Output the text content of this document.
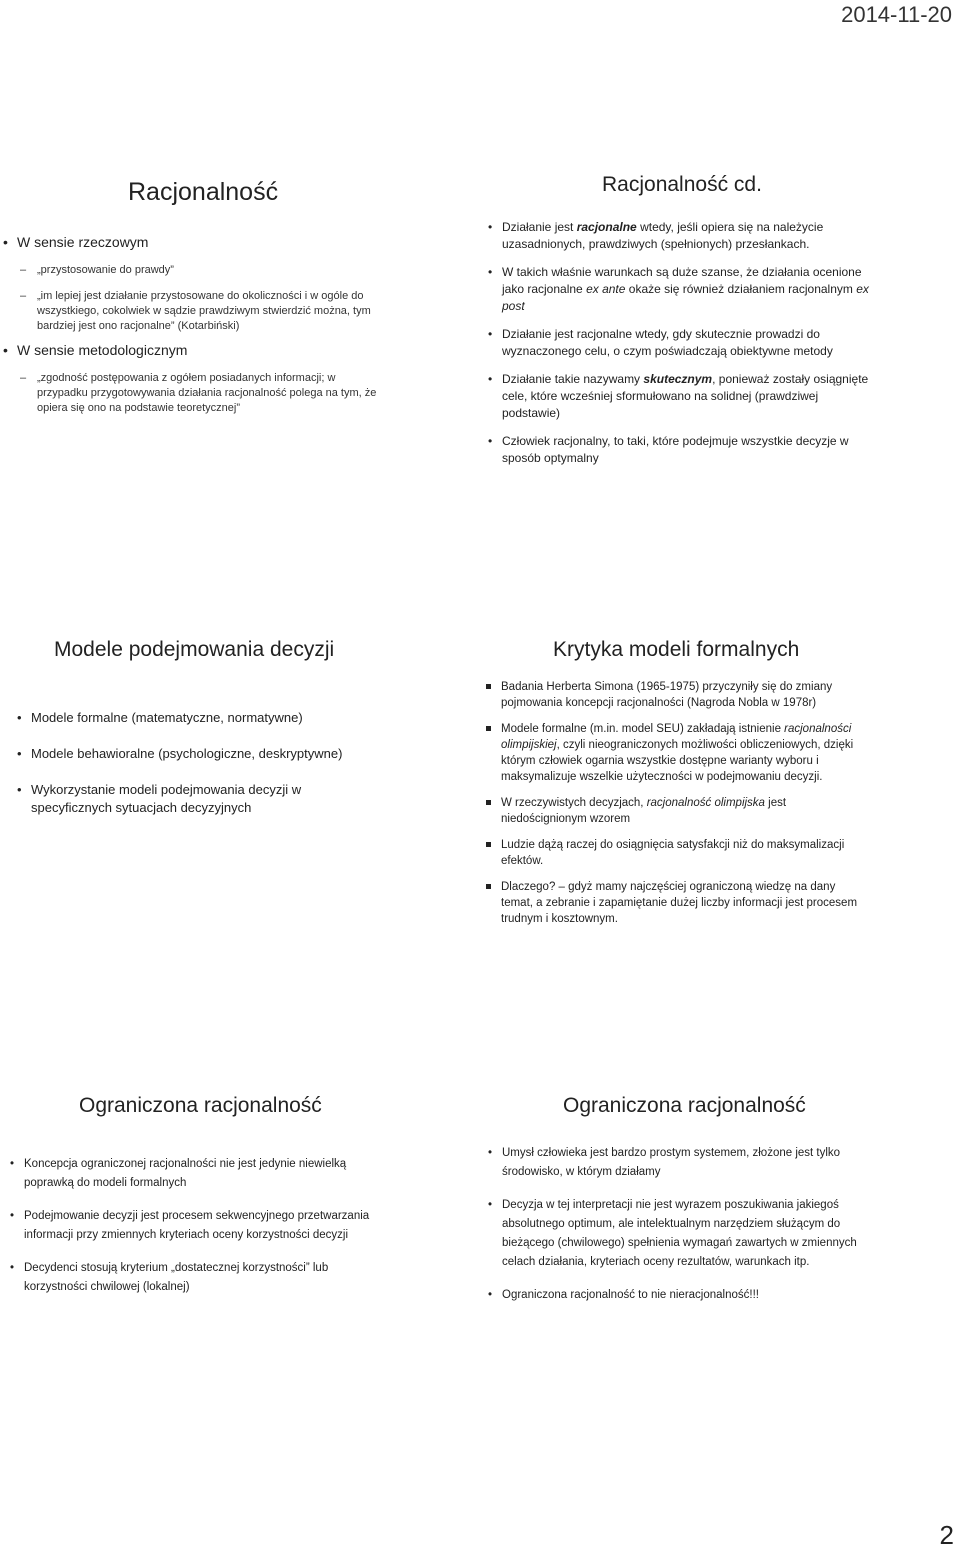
2014-11-20
Racjonalność
• W sensie rzeczowym
– „przystosowanie do prawdy”
– „im lepiej jest działanie przystosowane do okoliczności i w ogóle do wszystkiego, cokolwiek w sądzie prawdziwym stwierdzić można, tym bardziej jest ono racjonalne” (Kotarbiński)
• W sensie metodologicznym
– „zgodność postępowania z ogółem posiadanych informacji; w przypadku przygotowywania działania racjonalność polega na tym, że opiera się ono na podstawie teoretycznej”
Racjonalność cd.
• Działanie jest racjonalne wtedy, jeśli opiera się na należycie uzasadnionych, prawdziwych (spełnionych) przesłankach.
• W takich właśnie warunkach są duże szanse, że działania ocenione jako racjonalne ex ante okaże się również działaniem racjonalnym ex post
• Działanie jest racjonalne wtedy, gdy skutecznie prowadzi do wyznaczonego celu, o czym poświadczają obiektywne metody
• Działanie takie nazywamy skutecznym, ponieważ zostały osiągnięte cele, które wcześniej sformułowano na solidnej (prawdziwej podstawie)
• Człowiek racjonalny, to taki, które podejmuje wszystkie decyzje w sposób optymalny
Modele podejmowania decyzji
• Modele formalne (matematyczne, normatywne)
• Modele behawioralne (psychologiczne, deskryptywne)
• Wykorzystanie modeli podejmowania decyzji w specyficznych sytuacjach decyzyjnych
Krytyka modeli formalnych
Badania Herberta Simona (1965-1975) przyczyniły się do zmiany pojmowania koncepcji racjonalności (Nagroda Nobla w 1978r)
Modele formalne (m.in. model SEU) zakładają istnienie racjonalności olimpijskiej, czyli nieograniczonych możliwości obliczeniowych, dzięki którym człowiek ogarnia wszystkie dostępne warianty wyboru i maksymalizuje wszelkie użyteczności w podejmowaniu decyzji.
W rzeczywistych decyzjach, racjonalność olimpijska jest niedoścignionym wzorem
Ludzie dążą raczej do osiągnięcia satysfakcji niż do maksymalizacji efektów.
Dlaczego? – gdyż mamy najczęściej ograniczoną wiedzę na dany temat, a zebranie i zapamiętanie dużej liczby informacji jest procesem trudnym i kosztownym.
Ograniczona racjonalność
• Koncepcja ograniczonej racjonalności nie jest jedynie niewielką poprawką do modeli formalnych
• Podejmowanie decyzji jest procesem sekwencyjnego przetwarzania informacji przy zmiennych kryteriach oceny korzystności decyzji
• Decydenci stosują kryterium „dostatecznej korzystności” lub korzystności chwilowej (lokalnej)
Ograniczona racjonalność
• Umysł człowieka jest bardzo prostym systemem, złożone jest tylko środowisko, w którym działamy
• Decyzja w tej interpretacji nie jest wyrazem poszukiwania jakiegoś absolutnego optimum, ale intelektualnym narzędziem służącym do bieżącego (chwilowego) spełnienia wymagań zawartych w zmiennych celach działania, kryteriach oceny rezultatów, warunkach itp.
• Ograniczona racjonalność to nie nieracjonalność!!!
2
